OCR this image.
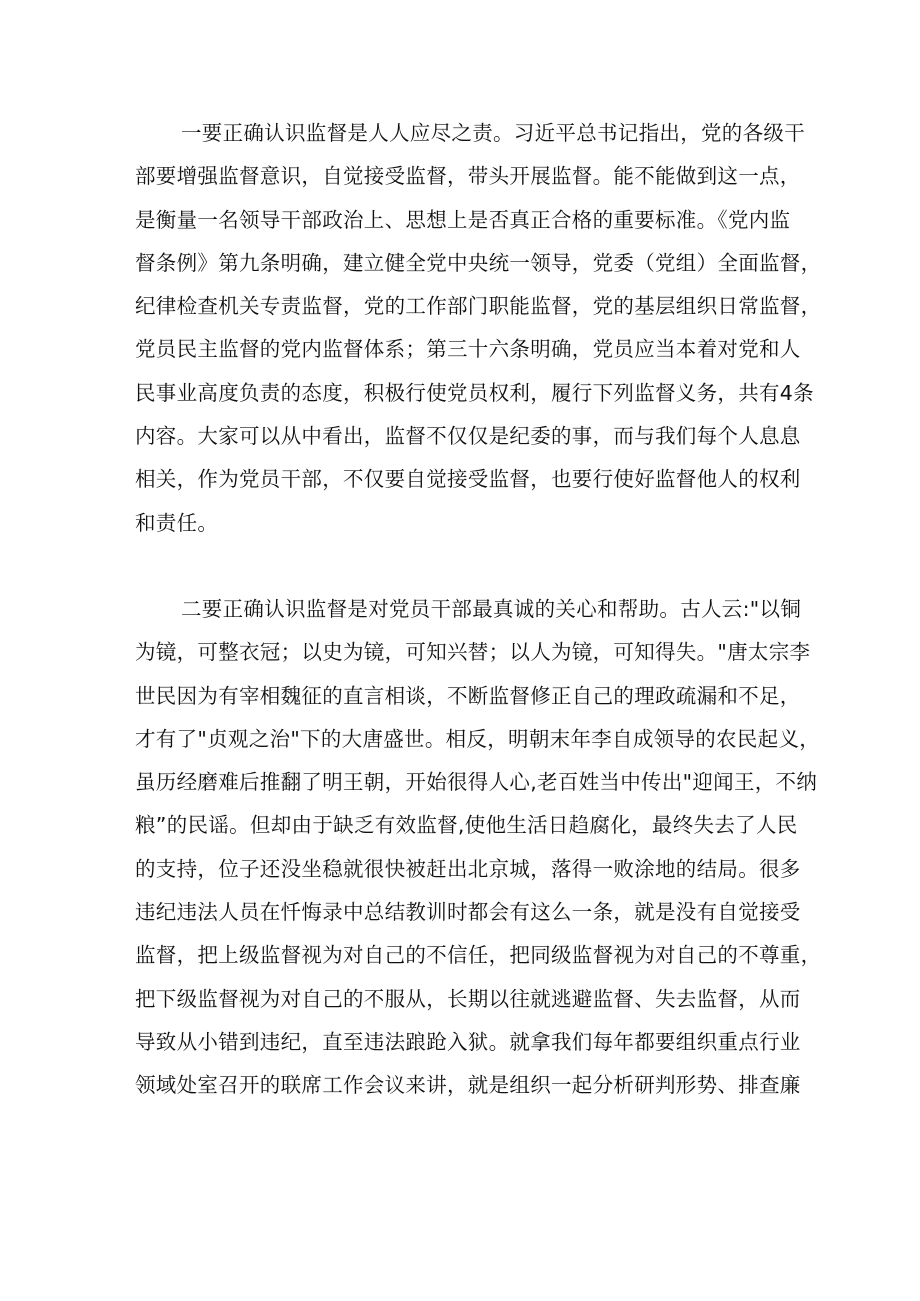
一要正确认识监督是人人应尽之责。习近平总书记指出，党的各级干
部要增强监督意识，自觉接受监督，带头开展监督。能不能做到这一点，
是衡量一名领导干部政治上、思想上是否真正合格的重要标准。《党内监
督条例》第九条明确，建立健全党中央统一领导，党委（党组）全面监督，
纪律检查机关专责监督，党的工作部门职能监督，党的基层组织日常监督，
党员民主监督的党内监督体系；第三十六条明确，党员应当本着对党和人
民事业高度负责的态度，积极行使党员权利，履行下列监督义务，共有4条
内容。大家可以从中看出，监督不仅仅是纪委的事，而与我们每个人息息
相关，作为党员干部，不仅要自觉接受监督，也要行使好监督他人的权利
和责任。
二要正确认识监督是对党员干部最真诚的关心和帮助。古人云:"以铜
为镜，可整衣冠；以史为镜，可知兴替；以人为镜，可知得失。"唐太宗李
世民因为有宰相魏征的直言相谈，不断监督修正自己的理政疏漏和不足，
才有了"贞观之治"下的大唐盛世。相反，明朝末年李自成领导的农民起义，
虽历经磨难后推翻了明王朝，开始很得人心,老百姓当中传出"迎闻王，不纳
粮”的民谣。但却由于缺乏有效监督,使他生活日趋腐化，最终失去了人民
的支持，位子还没坐稳就很快被赶出北京城，落得一败涂地的结局。很多
违纪违法人员在忏悔录中总结教训时都会有这么一条，就是没有自觉接受
监督，把上级监督视为对自己的不信任，把同级监督视为对自己的不尊重，
把下级监督视为对自己的不服从，长期以往就逃避监督、失去监督，从而
导致从小错到违纪，直至违法踉跄入狱。就拿我们每年都要组织重点行业
领域处室召开的联席工作会议来讲，就是组织一起分析研判形势、排查廉
